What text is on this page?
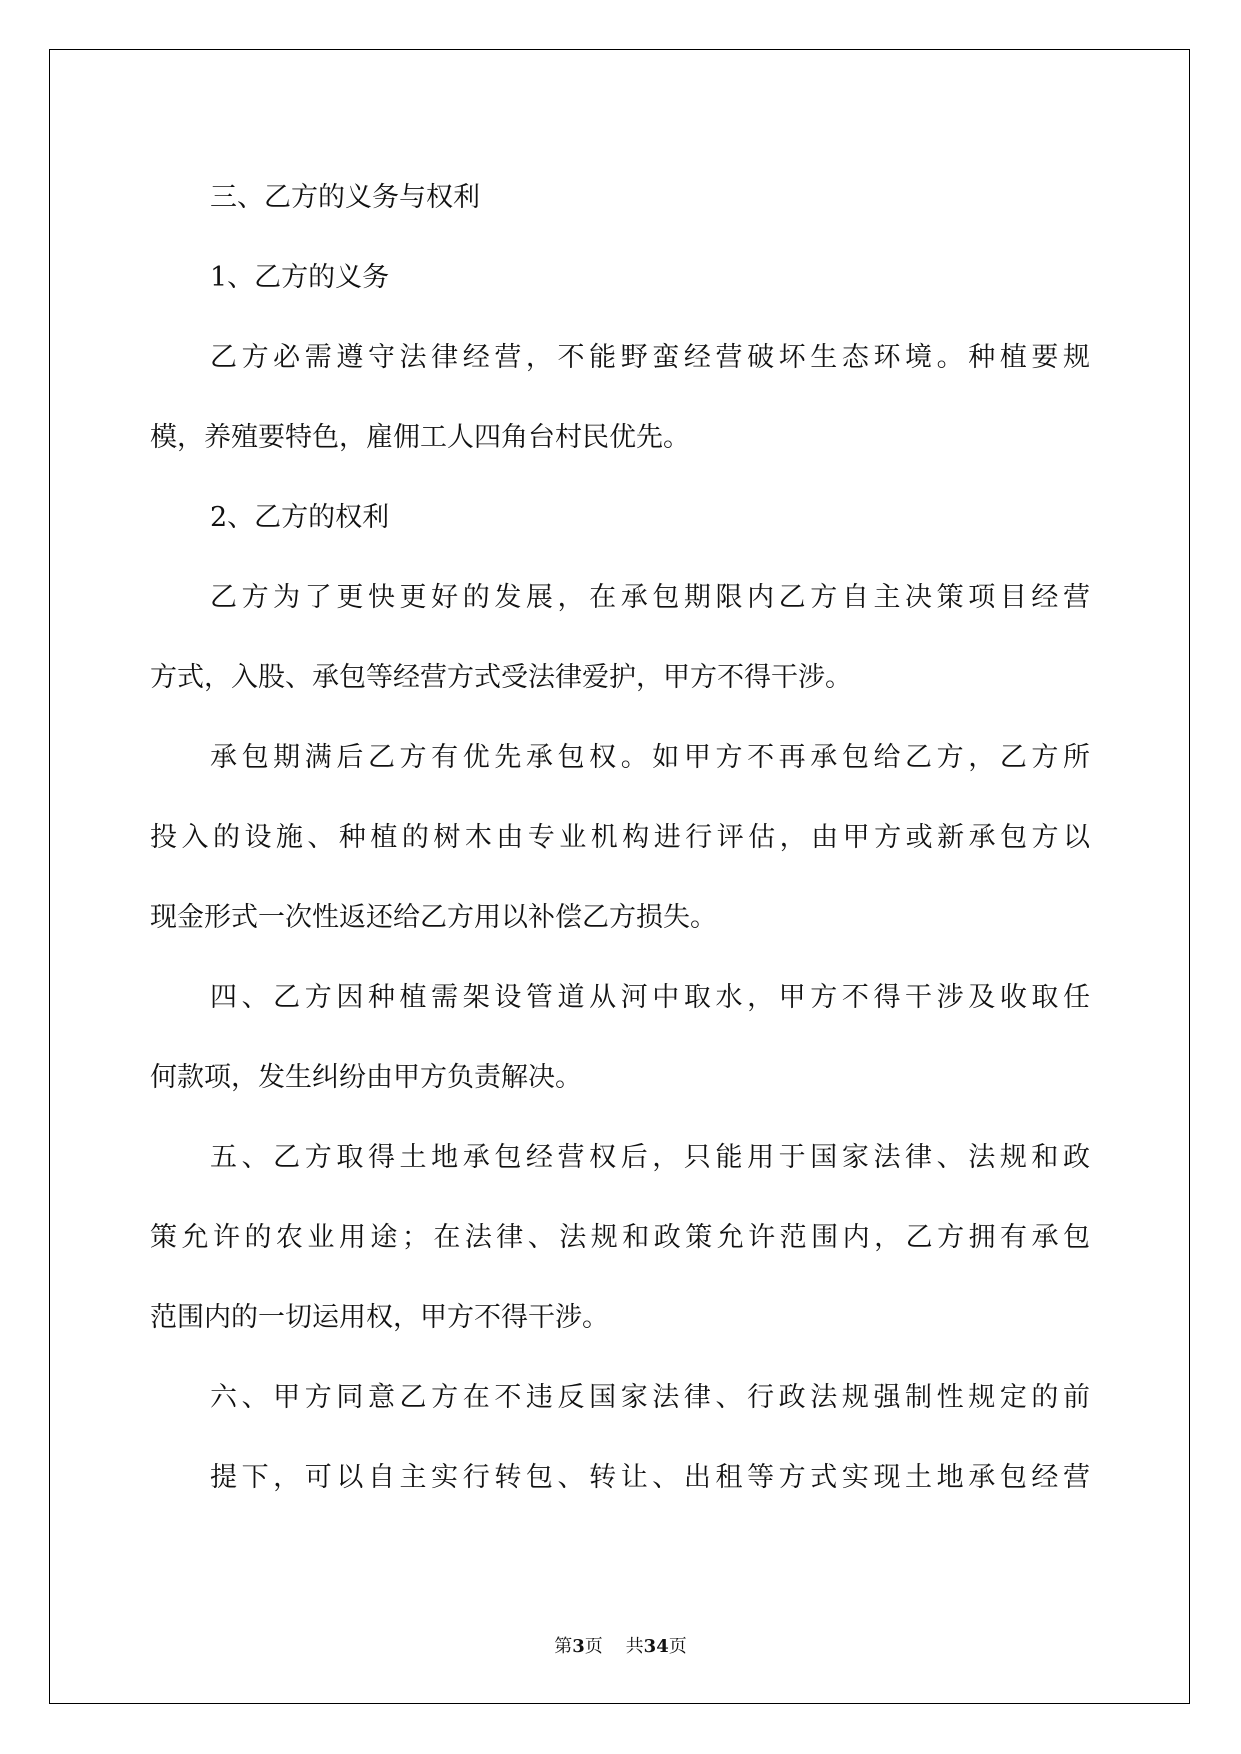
三、乙方的义务与权利
1、乙方的义务
乙方必需遵守法律经营，不能野蛮经营破坏生态环境。种植要规
模，养殖要特色，雇佣工人四角台村民优先。
2、乙方的权利
乙方为了更快更好的发展，在承包期限内乙方自主决策项目经营
方式，入股、承包等经营方式受法律爱护，甲方不得干涉。
承包期满后乙方有优先承包权。如甲方不再承包给乙方，乙方所
投入的设施、种植的树木由专业机构进行评估，由甲方或新承包方以
现金形式一次性返还给乙方用以补偿乙方损失。
四、乙方因种植需架设管道从河中取水，甲方不得干涉及收取任
何款项，发生纠纷由甲方负责解决。
五、乙方取得土地承包经营权后，只能用于国家法律、法规和政
策允许的农业用途；在法律、法规和政策允许范围内，乙方拥有承包
范围内的一切运用权，甲方不得干涉。
六、甲方同意乙方在不违反国家法律、行政法规强制性规定的前
提下，可以自主实行转包、转让、出租等方式实现土地承包经营
第3页 共34页
